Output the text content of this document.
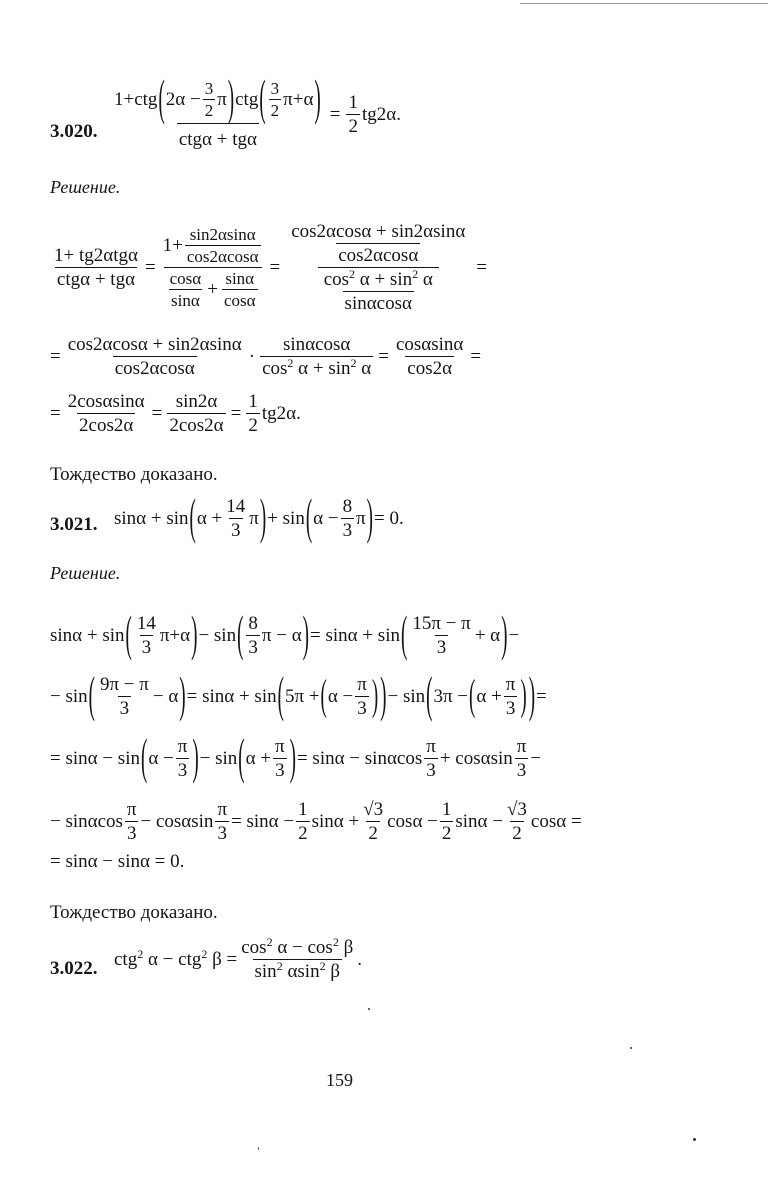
3.020.
1+ctg ( $2\alpha - \frac{3}{2}$ π ) ctg ( 3
2
π+α )
ctgα + tgα
= $\frac{1}{2} tg2\alpha$.
Решение.
1+ tg2αtgα
ctgα + tgα
= $1+ \frac{\sin 2\alpha\sin\alpha}{\cos 2\alpha\cos\alpha}$
cosα
sinα
+ $\frac{\sin\alpha}{\cos\alpha} = \frac{\frac{\cos 2\alpha\cos\alpha + \sin 2\alpha\sin\alpha}{\cos 2\alpha\cos\alpha}}{\frac{\cos^2 \alpha + \sin^2 \alpha}{\sin\alpha\cos\alpha}}$ =
= $\frac{\cos 2\alpha\cos\alpha + \sin 2\alpha\sin\alpha}{\cos 2\alpha\cos\alpha} \cdot \frac{\sin\alpha\cos\alpha}{\cos^2 \alpha + \sin^2 \alpha} = \frac{\cos\alpha\sin\alpha}{\cos 2\alpha}$ =
= $\frac{2\cos\alpha\sin\alpha}{2\cos 2\alpha} = \frac{\sin 2\alpha}{2\cos 2\alpha} = \frac{1}{2} tg2\alpha$.
Тождество доказано.
3.021. sinα + sin ( $\alpha + \frac{14}{3}$ π ) + sin ( $\alpha - \frac{8}{3}$ π ) = 0.
Решение.
sinα + sin ( 14
3
π+α ) − sin ( 8
3
π − α ) = sinα + sin ( 15π − π
3
+ α ) −
− sin ( 9π − π
3
− α ) = sinα + sin ( 5π + ( $\alpha - \frac{\pi}{3}$ ) ) − sin ( 3π − ( $\alpha + \frac{\pi}{3}$ ) ) =
= sinα − sin ( $\alpha - \frac{\pi}{3}$ ) − sin ( $\alpha + \frac{\pi}{3}$ ) = sinα − sinαcos
π
3
+ cosαsin
π
3
−
− sinαcos
π
3
− cosαsin $\frac{\pi}{3} = \sin\alpha - \frac{1}{2}$ $\sin\alpha + \frac{√3}{2}$ $\cos\alpha - \frac{1}{2}$ $\sin\alpha - \frac{√3}{2}$ cosα =
= sinα − sinα = 0.
Тождество доказано.
3.022. ctg$^2$ α − ctg$^2$ $\beta = \frac{\cos^2 \alpha - \cos^2 \beta}{\sin^2 \alpha\sin^2 \beta}$ .
159
